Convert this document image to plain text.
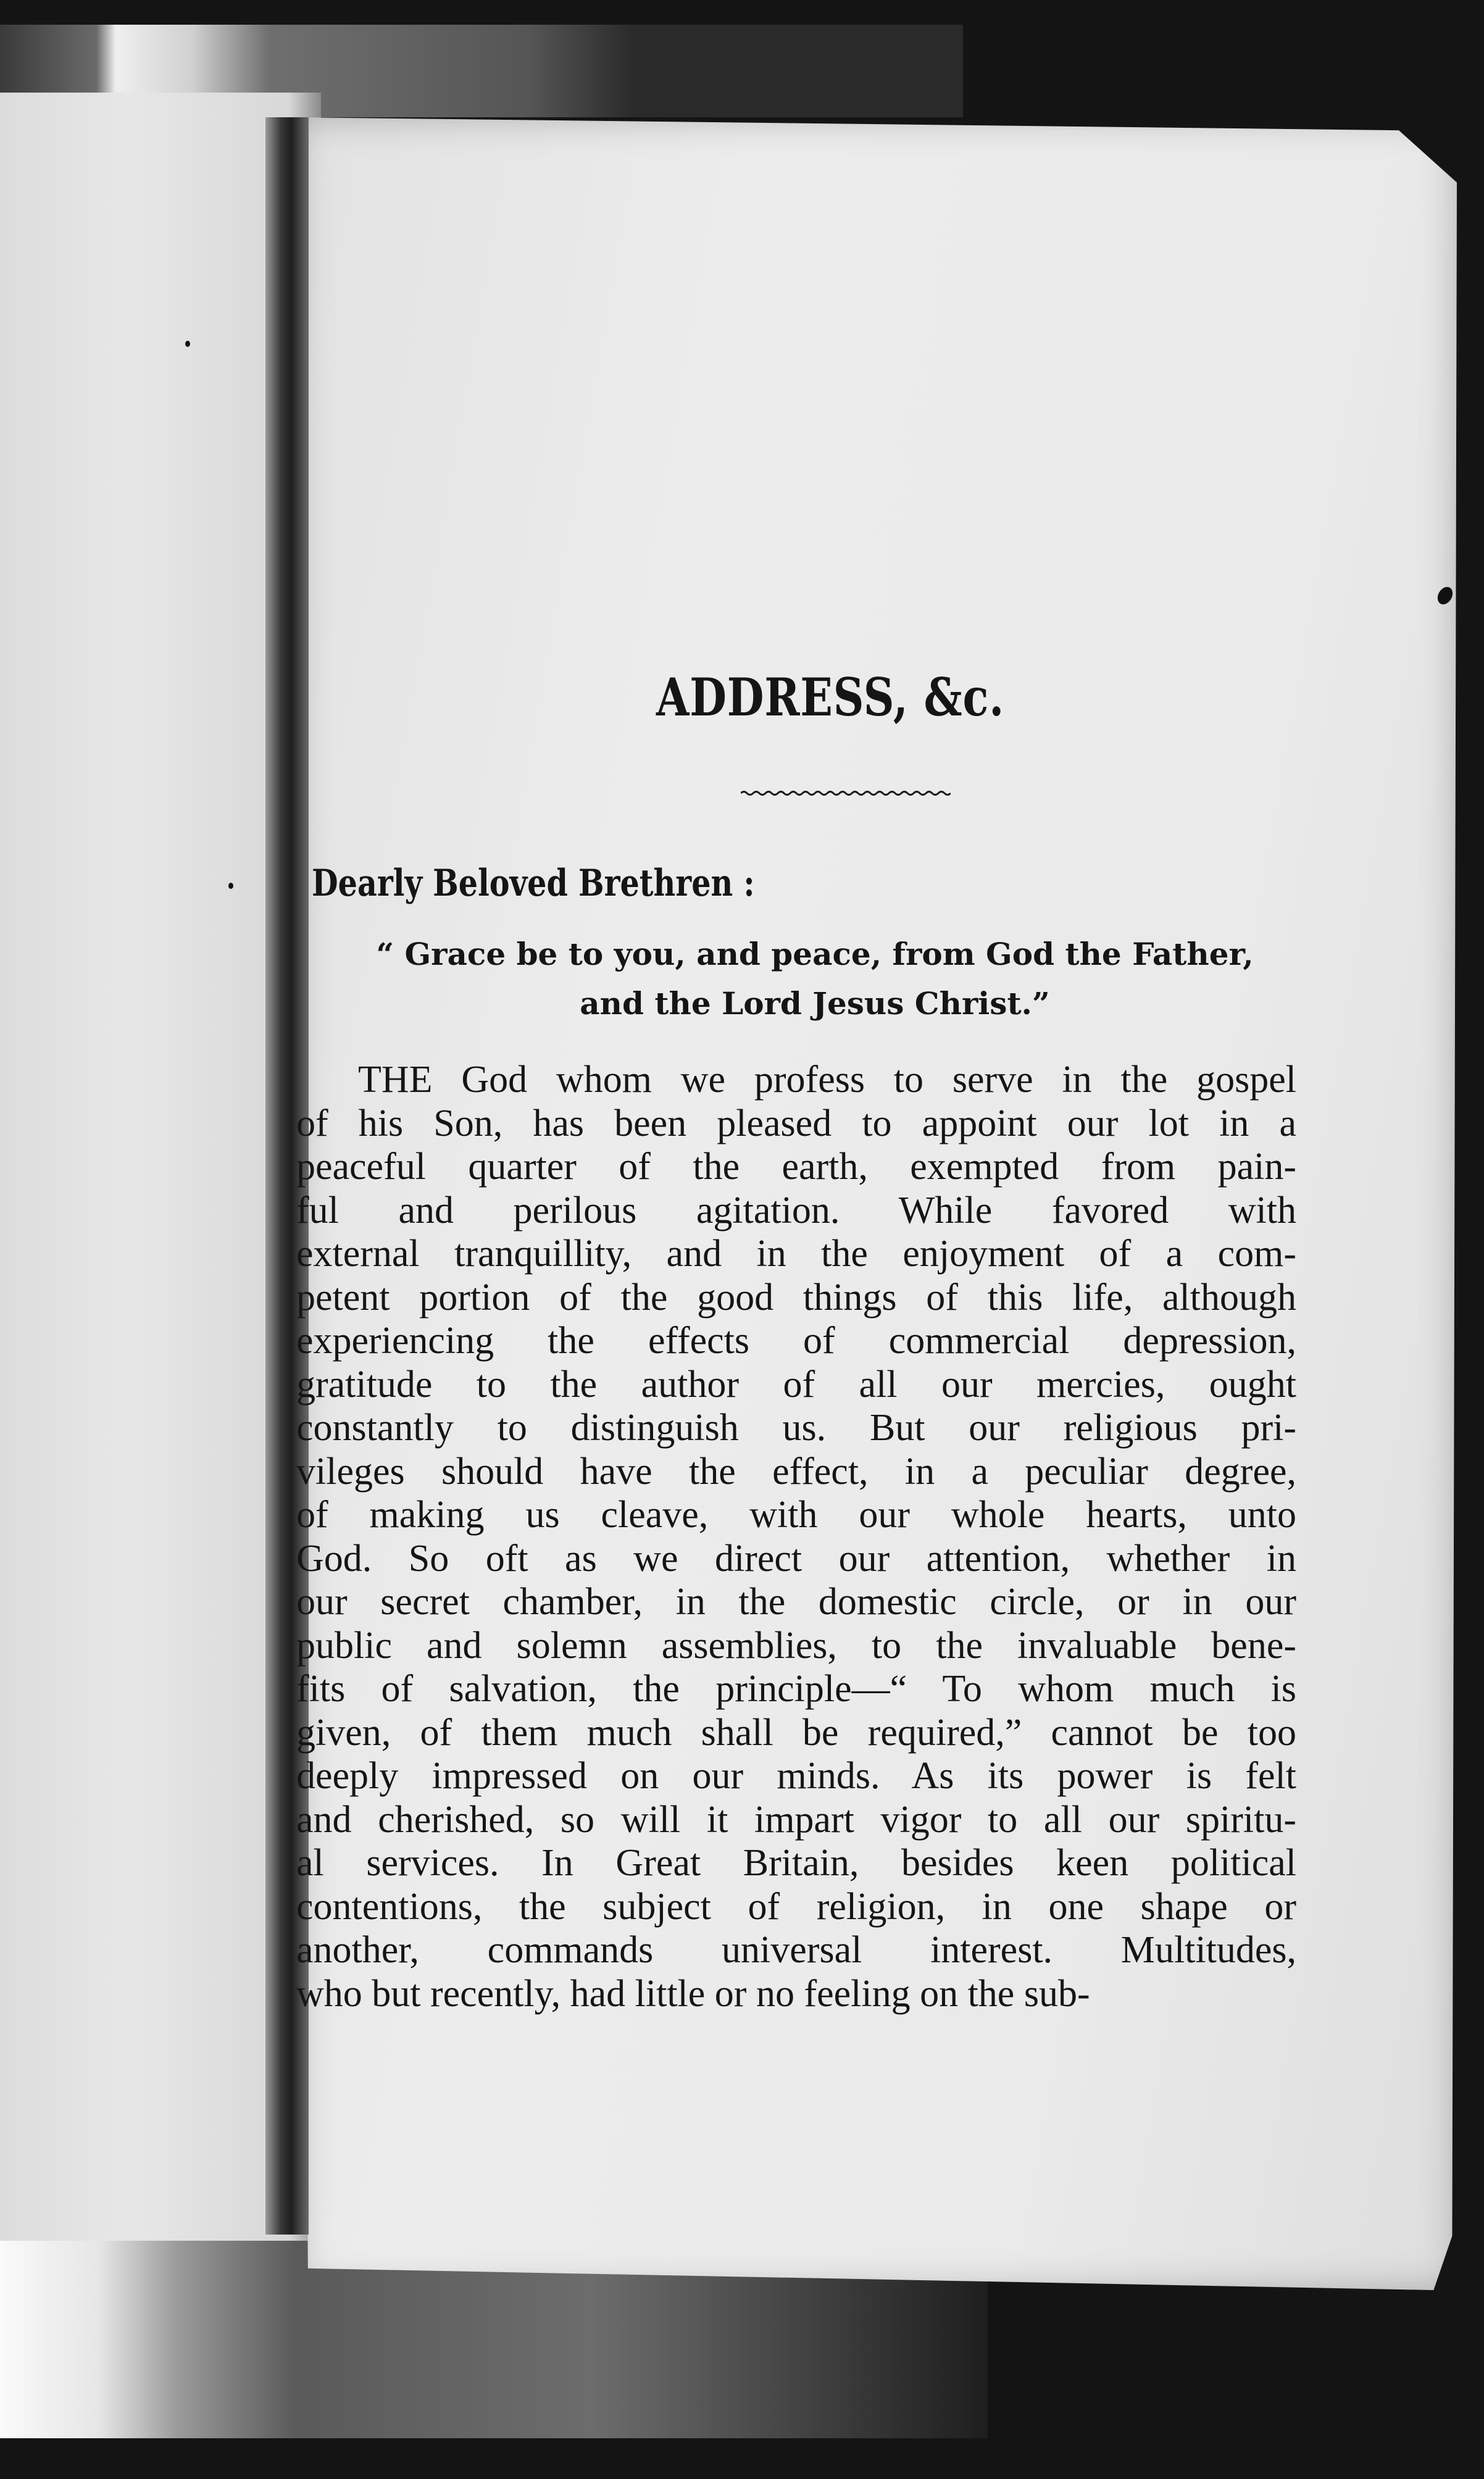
ADDRESS, &c.
Dearly Beloved Brethren :
“ Grace be to you, and peace, from God the Father,
and the Lord Jesus Christ.”
THE God whom we profess to serve in the gospel
of his Son, has been pleased to appoint our lot in a
peaceful quarter of the earth, exempted from pain-
ful and perilous agitation. While favored with
external tranquillity, and in the enjoyment of a com-
petent portion of the good things of this life, although
experiencing the effects of commercial depression,
gratitude to the author of all our mercies, ought
constantly to distinguish us. But our religious pri-
vileges should have the effect, in a peculiar degree,
of making us cleave, with our whole hearts, unto
God. So oft as we direct our attention, whether in
our secret chamber, in the domestic circle, or in our
public and solemn assemblies, to the invaluable bene-
fits of salvation, the principle—“ To whom much is
given, of them much shall be required,” cannot be too
deeply impressed on our minds. As its power is felt
and cherished, so will it impart vigor to all our spiritu-
al services. In Great Britain, besides keen political
contentions, the subject of religion, in one shape or
another, commands universal interest. Multitudes,
who but recently, had little or no feeling on the sub-
